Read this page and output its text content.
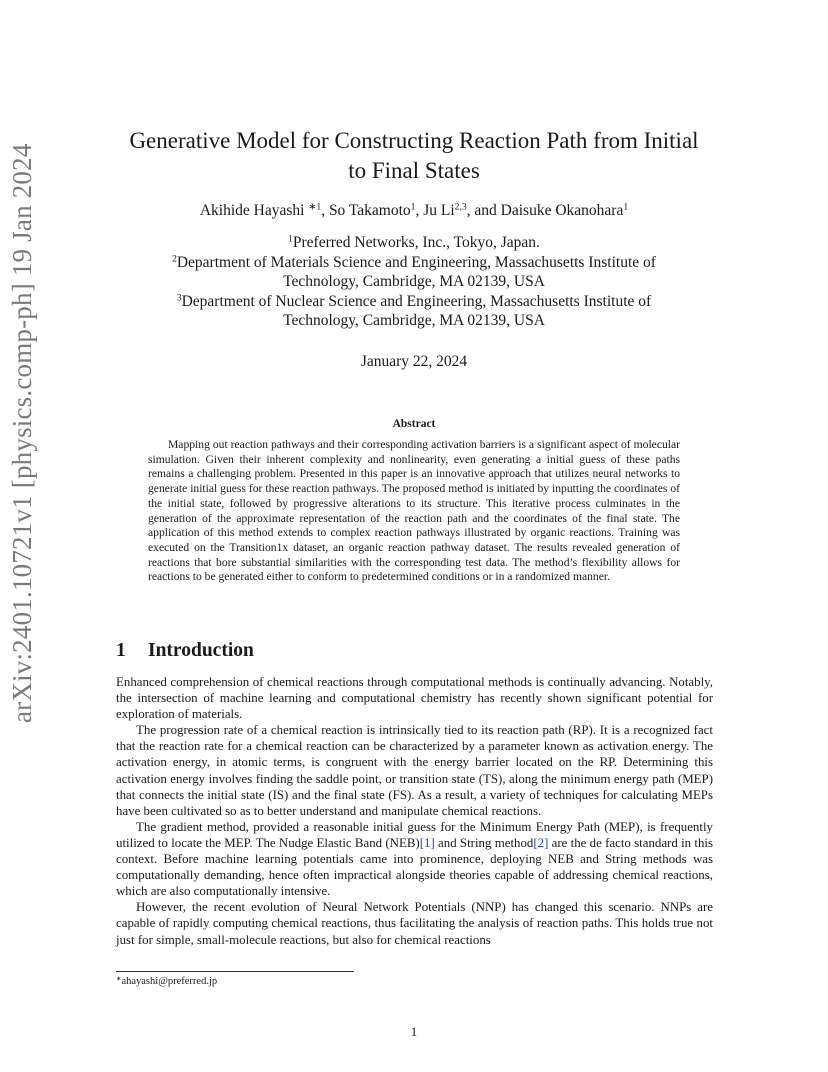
arXiv:2401.10721v1 [physics.comp-ph] 19 Jan 2024
Generative Model for Constructing Reaction Path from Initial
to Final States
Akihide Hayashi $^{∗1}$, So Takamoto$^1$, Ju Li$^{2,3}$, and Daisuke Okanohara$^1$
$^1$Preferred Networks, Inc., Tokyo, Japan.
$^2$Department of Materials Science and Engineering, Massachusetts Institute of
Technology, Cambridge, MA 02139, USA
$^3$Department of Nuclear Science and Engineering, Massachusetts Institute of
Technology, Cambridge, MA 02139, USA
January 22, 2024
Abstract
Mapping out reaction pathways and their corresponding activation barriers is a significant aspect of molecular simulation. Given their inherent complexity and nonlinearity, even generating a initial guess of these paths remains a challenging problem. Presented in this paper is an innovative approach that utilizes neural networks to generate initial guess for these reaction pathways. The proposed method is initiated by inputting the coordinates of the initial state, followed by progressive alterations to its structure. This iterative process culminates in the generation of the approximate representation of the reaction path and the coordinates of the final state. The application of this method extends to complex reaction pathways illustrated by organic reactions. Training was executed on the Transition1x dataset, an organic reaction pathway dataset. The results revealed generation of reactions that bore substantial similarities with the corresponding test data. The method’s flexibility allows for reactions to be generated either to conform to predetermined conditions or in a randomized manner.
1 Introduction

Enhanced comprehension of chemical reactions through computational methods is continually advancing. Notably, the intersection of machine learning and computational chemistry has recently shown significant potential for exploration of materials.

The progression rate of a chemical reaction is intrinsically tied to its reaction path (RP). It is a recognized fact that the reaction rate for a chemical reaction can be characterized by a parameter known as activation energy. The activation energy, in atomic terms, is congruent with the energy barrier located on the RP. Determining this activation energy involves finding the saddle point, or transition state (TS), along the minimum energy path (MEP) that connects the initial state (IS) and the final state (FS). As a result, a variety of techniques for calculating MEPs have been cultivated so as to better understand and manipulate chemical reactions.

The gradient method, provided a reasonable initial guess for the Minimum Energy Path (MEP), is frequently utilized to locate the MEP. The Nudge Elastic Band (NEB)[1] and String method[2] are the de facto standard in this context. Before machine learning potentials came into prominence, deploying NEB and String methods was computationally demanding, hence often impractical alongside theories capable of addressing chemical reactions, which are also computationally intensive.

However, the recent evolution of Neural Network Potentials (NNP) has changed this scenario. NNPs are capable of rapidly computing chemical reactions, thus facilitating the analysis of reaction paths. This holds true not just for simple, small-molecule reactions, but also for chemical reactions

∗ahayashi@preferred.jp
1
